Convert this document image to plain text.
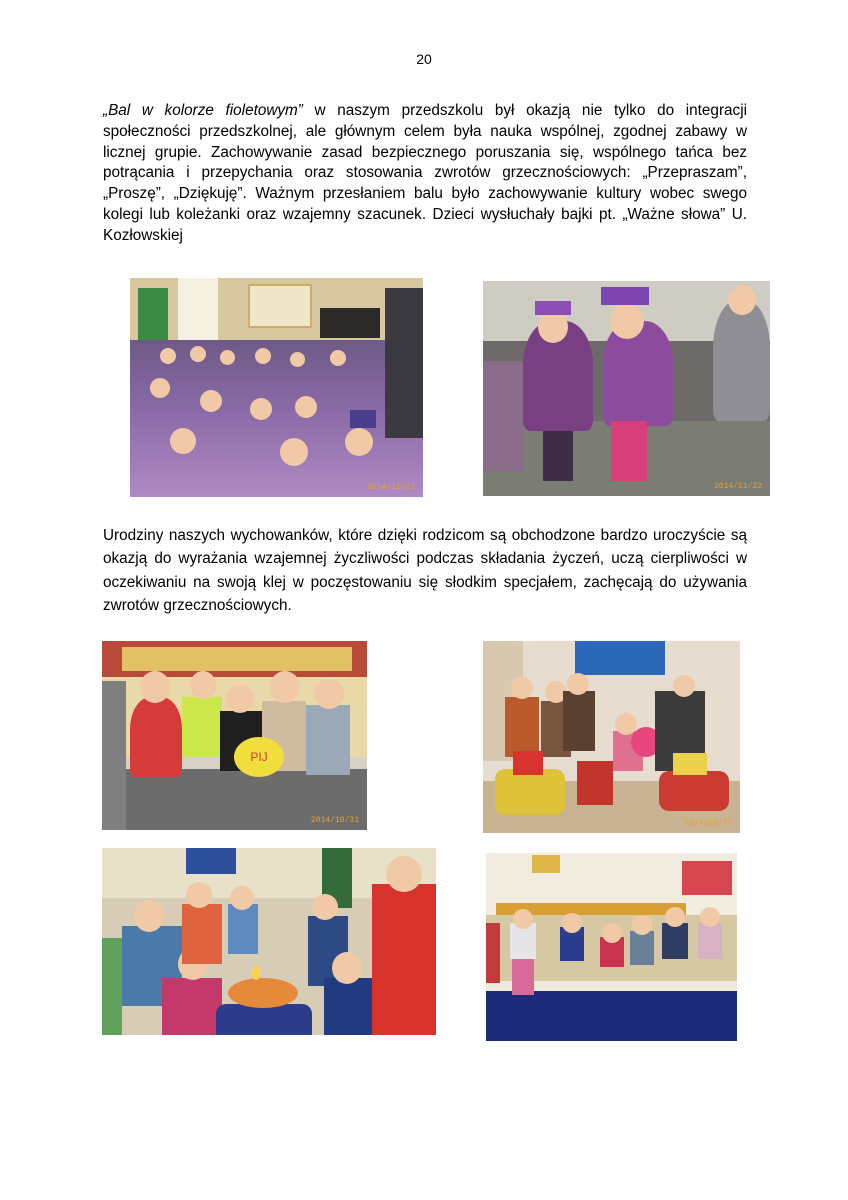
20

„Bal w kolorze fioletowym” w naszym przedszkolu był okazją nie tylko do integracji społeczności przedszkolnej, ale głównym celem była nauka wspólnej, zgodnej zabawy w licznej grupie. Zachowywanie zasad bezpiecznego poruszania się, wspólnego tańca bez potrącania i przepychania oraz stosowania zwrotów grzecznościowych: „Przepraszam”, „Proszę”, „Dziękuję”. Ważnym przesłaniem balu było zachowywanie kultury wobec swego kolegi lub koleżanki oraz wzajemny szacunek. Dzieci wysłuchały bajki pt. „Ważne słowa” U. Kozłowskiej

2014/11/22	2014/11/22

Urodziny naszych wychowanków, które dzięki rodzicom są obchodzone bardzo uroczyście są okazją do wyrażania wzajemnej życzliwości podczas składania życzeń, uczą cierpliwości w oczekiwaniu na swoją klej w poczęstowaniu się słodkim specjałem, zachęcają do używania zwrotów grzecznościowych.

PIJ
2014/10/31	2014/10/27
